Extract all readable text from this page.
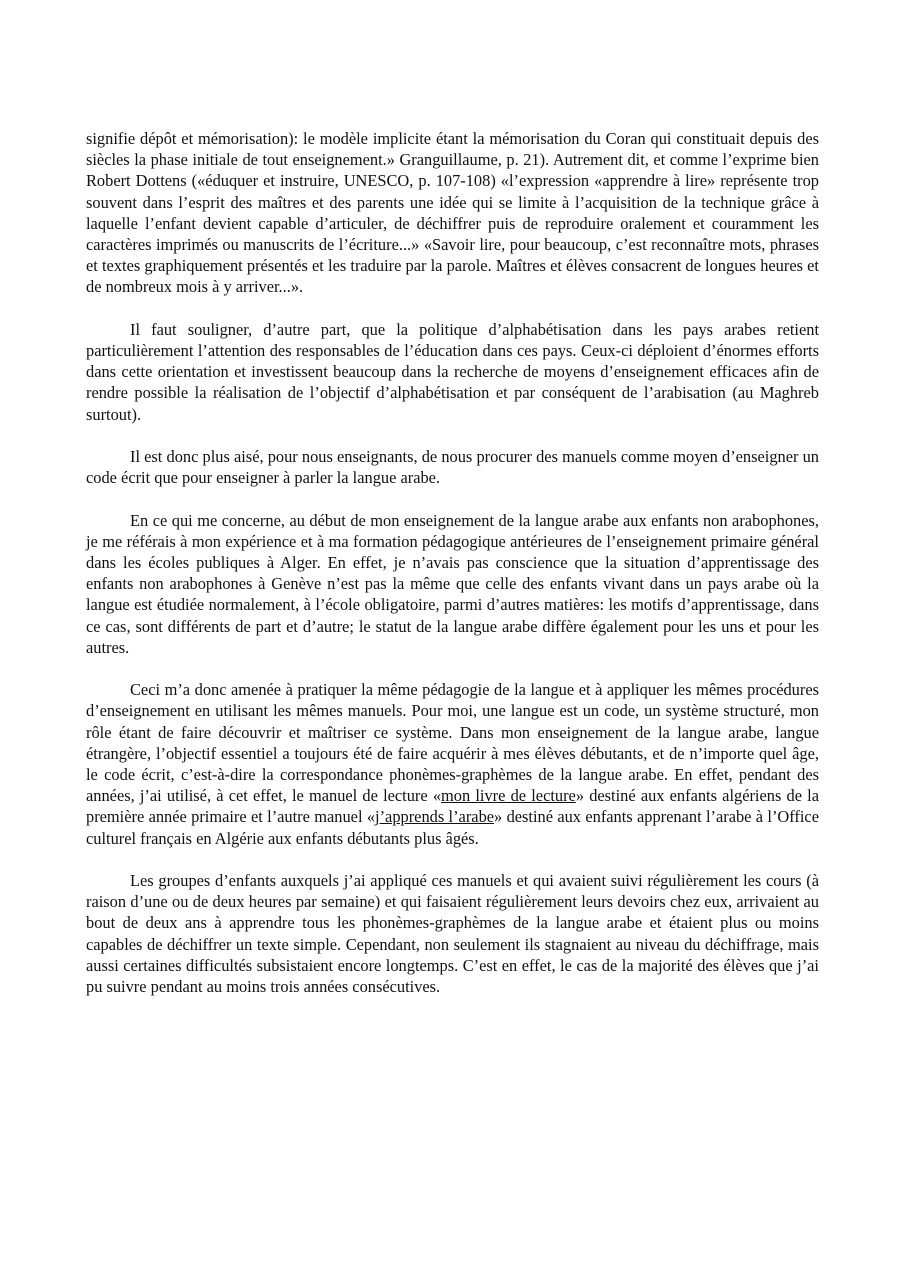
signifie dépôt et mémorisation): le modèle implicite étant la mémorisation du Coran qui constituait depuis des siècles la phase initiale de tout enseignement.» Granguillaume, p. 21). Autrement dit, et comme l’exprime bien Robert Dottens («éduquer et instruire, UNESCO, p. 107-108) «l’expression «apprendre à lire» représente trop souvent dans l’esprit des maîtres et des parents une idée qui se limite à l’acquisition de la technique grâce à laquelle l’enfant devient capable d’articuler, de déchiffrer puis de reproduire oralement et couramment les caractères imprimés ou manuscrits de l’écriture...» «Savoir lire, pour beaucoup, c’est reconnaître mots, phrases et textes graphiquement présentés et les traduire par la parole. Maîtres et élèves consacrent de longues heures et de nombreux mois à y arriver...».

Il faut souligner, d’autre part, que la politique d’alphabétisation dans les pays arabes retient particulièrement l’attention des responsables de l’éducation dans ces pays. Ceux-ci déploient d’énormes efforts dans cette orientation et investissent beaucoup dans la recherche de moyens d’enseignement efficaces afin de rendre possible la réalisation de l’objectif d’alphabétisation et par conséquent de l’arabisation (au Maghreb surtout).

Il est donc plus aisé, pour nous enseignants, de nous procurer des manuels comme moyen d’enseigner un code écrit que pour enseigner à parler la langue arabe.

En ce qui me concerne, au début de mon enseignement de la langue arabe aux enfants non arabophones, je me référais à mon expérience et à ma formation pédagogique antérieures de l’enseignement primaire général dans les écoles publiques à Alger. En effet, je n’avais pas conscience que la situation d’apprentissage des enfants non arabophones à Genève n’est pas la même que celle des enfants vivant dans un pays arabe où la langue est étudiée normalement, à l’école obligatoire, parmi d’autres matières: les motifs d’apprentissage, dans ce cas, sont différents de part et d’autre; le statut de la langue arabe diffère également pour les uns et pour les autres.

Ceci m’a donc amenée à pratiquer la même pédagogie de la langue et à appliquer les mêmes procédures d’enseignement en utilisant les mêmes manuels. Pour moi, une langue est un code, un système structuré, mon rôle étant de faire découvrir et maîtriser ce système. Dans mon enseignement de la langue arabe, langue étrangère, l’objectif essentiel a toujours été de faire acquérir à mes élèves débutants, et de n’importe quel âge, le code écrit, c’est-à-dire la correspondance phonèmes-graphèmes de la langue arabe. En effet, pendant des années, j’ai utilisé, à cet effet, le manuel de lecture «mon livre de lecture» destiné aux enfants algériens de la première année primaire et l’autre manuel «j’apprends l’arabe» destiné aux enfants apprenant l’arabe à l’Office culturel français en Algérie aux enfants débutants plus âgés.

Les groupes d’enfants auxquels j’ai appliqué ces manuels et qui avaient suivi régulièrement les cours (à raison d’une ou de deux heures par semaine) et qui faisaient régulièrement leurs devoirs chez eux, arrivaient au bout de deux ans à apprendre tous les phonèmes-graphèmes de la langue arabe et étaient plus ou moins capables de déchiffrer un texte simple. Cependant, non seulement ils stagnaient au niveau du déchiffrage, mais aussi certaines difficultés subsistaient encore longtemps. C’est en effet, le cas de la majorité des élèves que j’ai pu suivre pendant au moins trois années consécutives.
